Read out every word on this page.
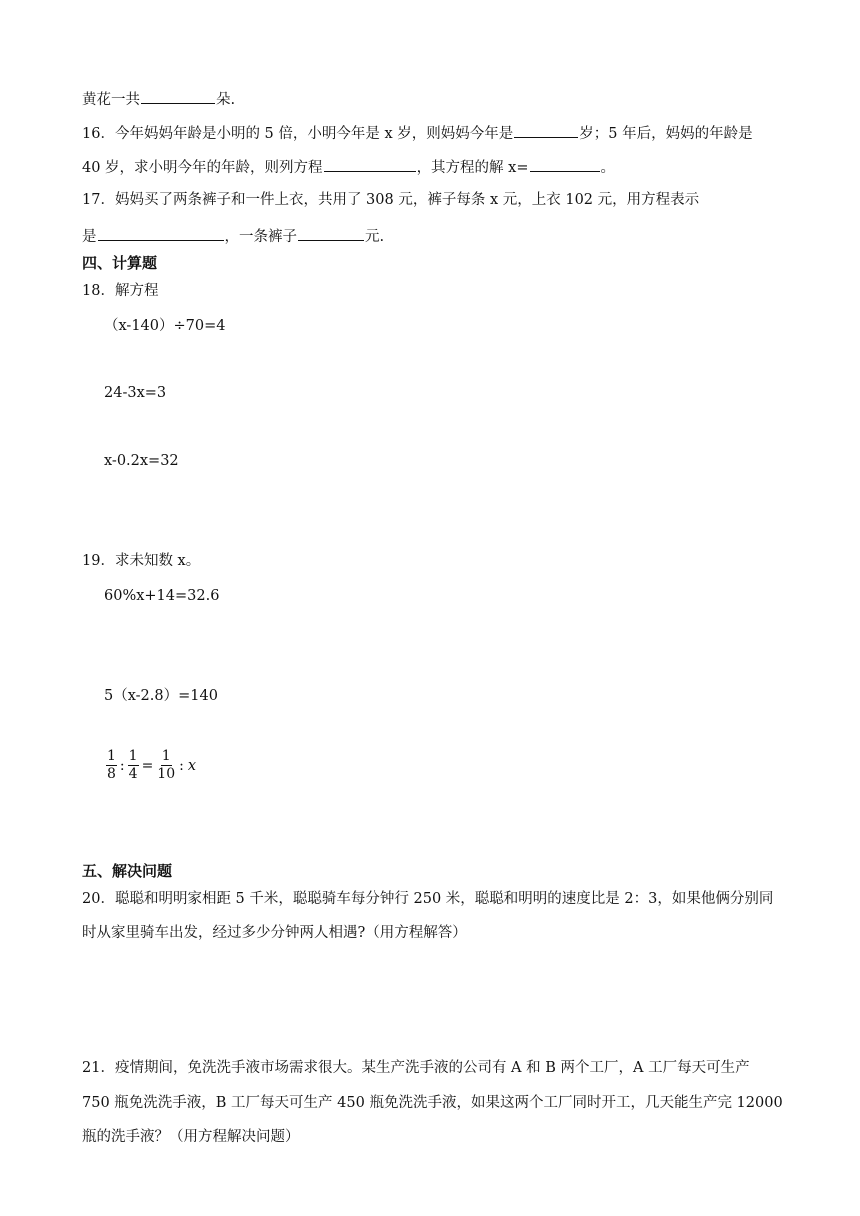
黄花一共	朵.
16．今年妈妈年龄是小明的 5 倍，小明今年是 x 岁，则妈妈今年是	岁；5 年后，妈妈的年龄是
40 岁，求小明今年的年龄，则列方程	，其方程的解 x=	。
17．妈妈买了两条裤子和一件上衣，共用了 308 元，裤子每条 x 元，上衣 102 元，用方程表示
是	，一条裤子	元.
四、计算题
18．解方程
（x-140）÷70=4
24-3x=3
x-0.2x=32
19．求未知数 x。
60%x+14=32.6
5（x-2.8）=140
$\frac{1}{8}$ : $\frac{1}{4} = \frac{1}{10}$ : x
五、解决问题
20．聪聪和明明家相距 5 千米，聪聪骑车每分钟行 250 米，聪聪和明明的速度比是 2：3，如果他俩分别同
时从家里骑车出发，经过多少分钟两人相遇?（用方程解答）
21．疫情期间，免洗洗手液市场需求很大。某生产洗手液的公司有 A 和 B 两个工厂，A 工厂每天可生产
750 瓶免洗洗手液，B 工厂每天可生产 450 瓶免洗洗手液，如果这两个工厂同时开工，几天能生产完 12000
瓶的洗手液？（用方程解决问题）
